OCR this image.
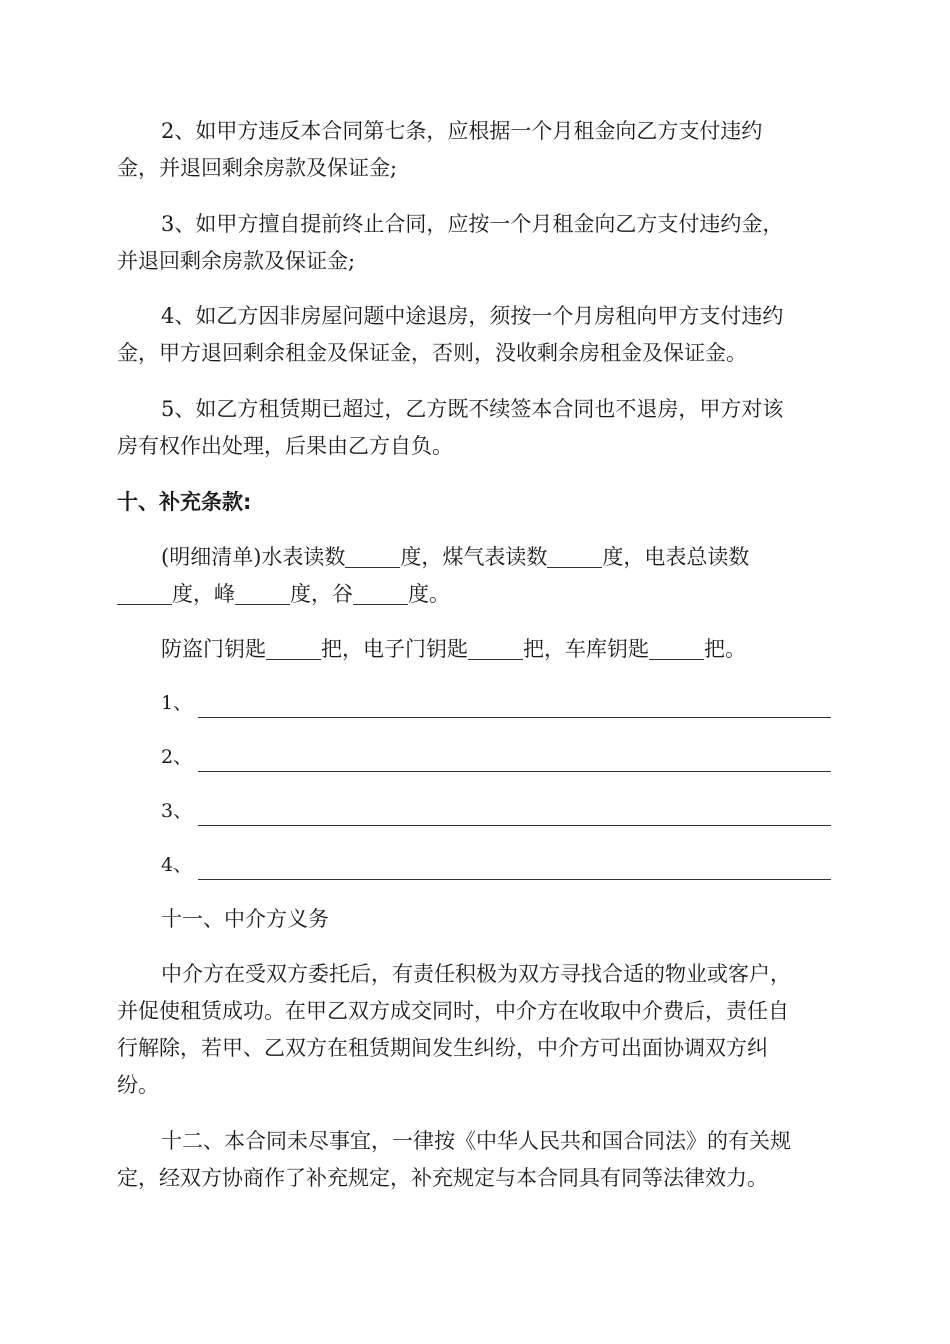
2、如甲方违反本合同第七条，应根据一个月租金向乙方支付违约
金，并退回剩余房款及保证金;
3、如甲方擅自提前终止合同，应按一个月租金向乙方支付违约金，
并退回剩余房款及保证金;
4、如乙方因非房屋问题中途退房，须按一个月房租向甲方支付违约
金，甲方退回剩余租金及保证金，否则，没收剩余房租金及保证金。
5、如乙方租赁期已超过，乙方既不续签本合同也不退房，甲方对该
房有权作出处理，后果由乙方自负。
十、补充条款:
(明细清单)水表读数	度，煤气表读数	度，电表总读数
度，峰	度，谷	度。
防盗门钥匙	把，电子门钥匙	把，车库钥匙	把。
1、
2、
3、
4、
十一、中介方义务
中介方在受双方委托后，有责任积极为双方寻找合适的物业或客户，
并促使租赁成功。在甲乙双方成交同时，中介方在收取中介费后，责任自
行解除，若甲、乙双方在租赁期间发生纠纷，中介方可出面协调双方纠
纷。
十二、本合同未尽事宜，一律按《中华人民共和国合同法》的有关规
定，经双方协商作了补充规定，补充规定与本合同具有同等法律效力。
